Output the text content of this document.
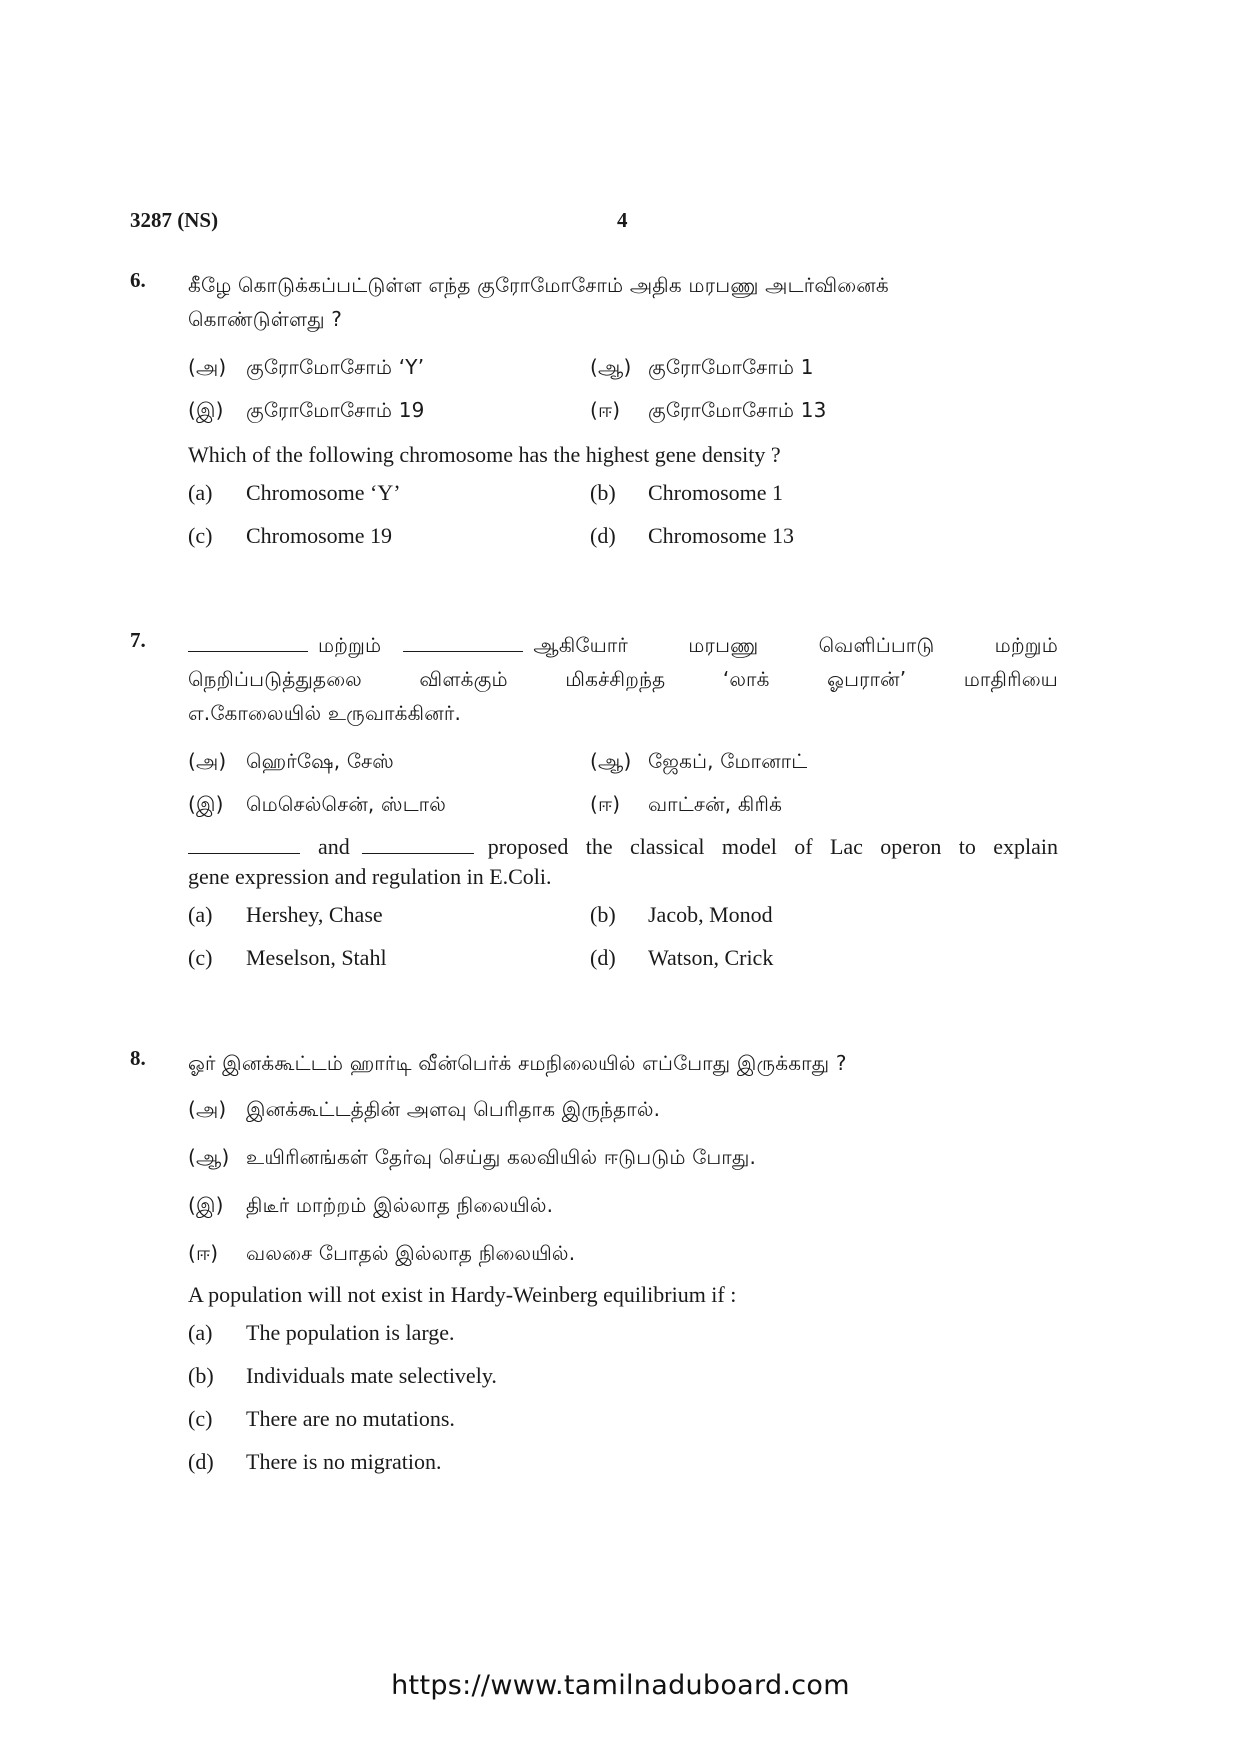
3287 (NS)	4
6. கீழே கொடுக்கப்பட்டுள்ள எந்த குரோமோசோம் அதிக மரபணு அடர்வினைக்
கொண்டுள்ளது ?
(அ) குரோமோசோம் ‘Y’	(ஆ) குரோமோசோம் 1
(இ)	குரோமோசோம் 19	(ஈ)	குரோமோசோம் 13
Which of the following chromosome has the highest gene density ?
(a)	Chromosome ‘Y’	(b)	Chromosome 1
(c)	Chromosome 19	(d)	Chromosome 13
7.	மற்றும்	ஆகியோர் மரபணு வெளிப்பாடு மற்றும்
நெறிப்படுத்துதலை விளக்கும் மிகச்சிறந்த ‘லாக் ஓபரான்’ மாதிரியை
எ.கோலையில் உருவாக்கினர்.
(அ) ஹெர்ஷே, சேஸ்	(ஆ) ஜேகப், மோனாட்
(இ)	மெசெல்சென், ஸ்டால்	(ஈ)	வாட்சன், கிரிக்
and	proposed the classical model of Lac operon to explain
gene expression and regulation in E.Coli.
(a)	Hershey, Chase	(b)	Jacob, Monod
(c)	Meselson, Stahl	(d)	Watson, Crick
8. ஓர் இனக்கூட்டம் ஹார்டி வீன்பெர்க் சமநிலையில் எப்போது இருக்காது ?
(அ) இனக்கூட்டத்தின் அளவு பெரிதாக இருந்தால்.
(ஆ) உயிரினங்கள் தேர்வு செய்து கலவியில் ஈடுபடும் போது.
(இ)	திடீர் மாற்றம் இல்லாத நிலையில்.
(ஈ)	வலசை போதல் இல்லாத நிலையில்.
A population will not exist in Hardy-Weinberg equilibrium if :
(a)	The population is large.
(b)	Individuals mate selectively.
(c)	There are no mutations.
(d)	There is no migration.
https://www.tamilnaduboard.com
